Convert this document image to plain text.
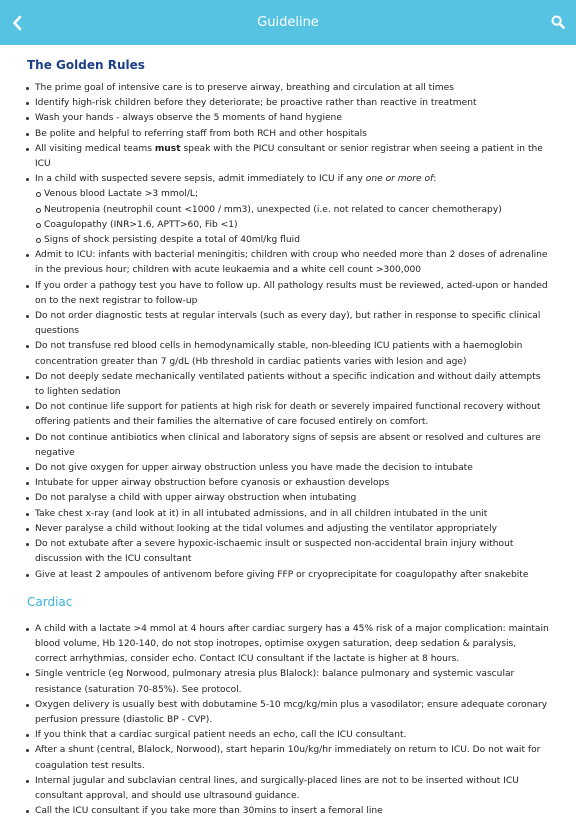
Guideline
The Golden Rules
The prime goal of intensive care is to preserve airway, breathing and circulation at all times
Identify high-risk children before they deteriorate; be proactive rather than reactive in treatment
Wash your hands - always observe the 5 moments of hand hygiene
Be polite and helpful to referring staff from both RCH and other hospitals
All visiting medical teams must speak with the PICU consultant or senior registrar when seeing a patient in the ICU
In a child with suspected severe sepsis, admit immediately to ICU if any one or more of:
Venous blood Lactate >3 mmol/L;
Neutropenia (neutrophil count <1000 / mm3), unexpected (i.e. not related to cancer chemotherapy)
Coagulopathy (INR>1.6, APTT>60, Fib <1)
Signs of shock persisting despite a total of 40ml/kg fluid
Admit to ICU: infants with bacterial meningitis; children with croup who needed more than 2 doses of adrenaline in the previous hour; children with acute leukaemia and a white cell count >300,000
If you order a pathogy test you have to follow up. All pathology results must be reviewed, acted-upon or handed on to the next registrar to follow-up
Do not order diagnostic tests at regular intervals (such as every day), but rather in response to specific clinical questions
Do not transfuse red blood cells in hemodynamically stable, non-bleeding ICU patients with a haemoglobin concentration greater than 7 g/dL (Hb threshold in cardiac patients varies with lesion and age)
Do not deeply sedate mechanically ventilated patients without a specific indication and without daily attempts to lighten sedation
Do not continue life support for patients at high risk for death or severely impaired functional recovery without offering patients and their families the alternative of care focused entirely on comfort.
Do not continue antibiotics when clinical and laboratory signs of sepsis are absent or resolved and cultures are negative
Do not give oxygen for upper airway obstruction unless you have made the decision to intubate
Intubate for upper airway obstruction before cyanosis or exhaustion develops
Do not paralyse a child with upper airway obstruction when intubating
Take chest x-ray (and look at it) in all intubated admissions, and in all children intubated in the unit
Never paralyse a child without looking at the tidal volumes and adjusting the ventilator appropriately
Do not extubate after a severe hypoxic-ischaemic insult or suspected non-accidental brain injury without discussion with the ICU consultant
Give at least 2 ampoules of antivenom before giving FFP or cryoprecipitate for coagulopathy after snakebite
Cardiac
A child with a lactate >4 mmol at 4 hours after cardiac surgery has a 45% risk of a major complication: maintain blood volume, Hb 120-140, do not stop inotropes, optimise oxygen saturation, deep sedation & paralysis, correct arrhythmias, consider echo. Contact ICU consultant if the lactate is higher at 8 hours.
Single ventricle (eg Norwood, pulmonary atresia plus Blalock): balance pulmonary and systemic vascular resistance (saturation 70-85%). See protocol.
Oxygen delivery is usually best with dobutamine 5-10 mcg/kg/min plus a vasodilator; ensure adequate coronary perfusion pressure (diastolic BP - CVP).
If you think that a cardiac surgical patient needs an echo, call the ICU consultant.
After a shunt (central, Blalock, Norwood), start heparin 10u/kg/hr immediately on return to ICU. Do not wait for coagulation test results.
Internal jugular and subclavian central lines, and surgically-placed lines are not to be inserted without ICU consultant approval, and should use ultrasound guidance.
Call the ICU consultant if you take more than 30mins to insert a femoral line
